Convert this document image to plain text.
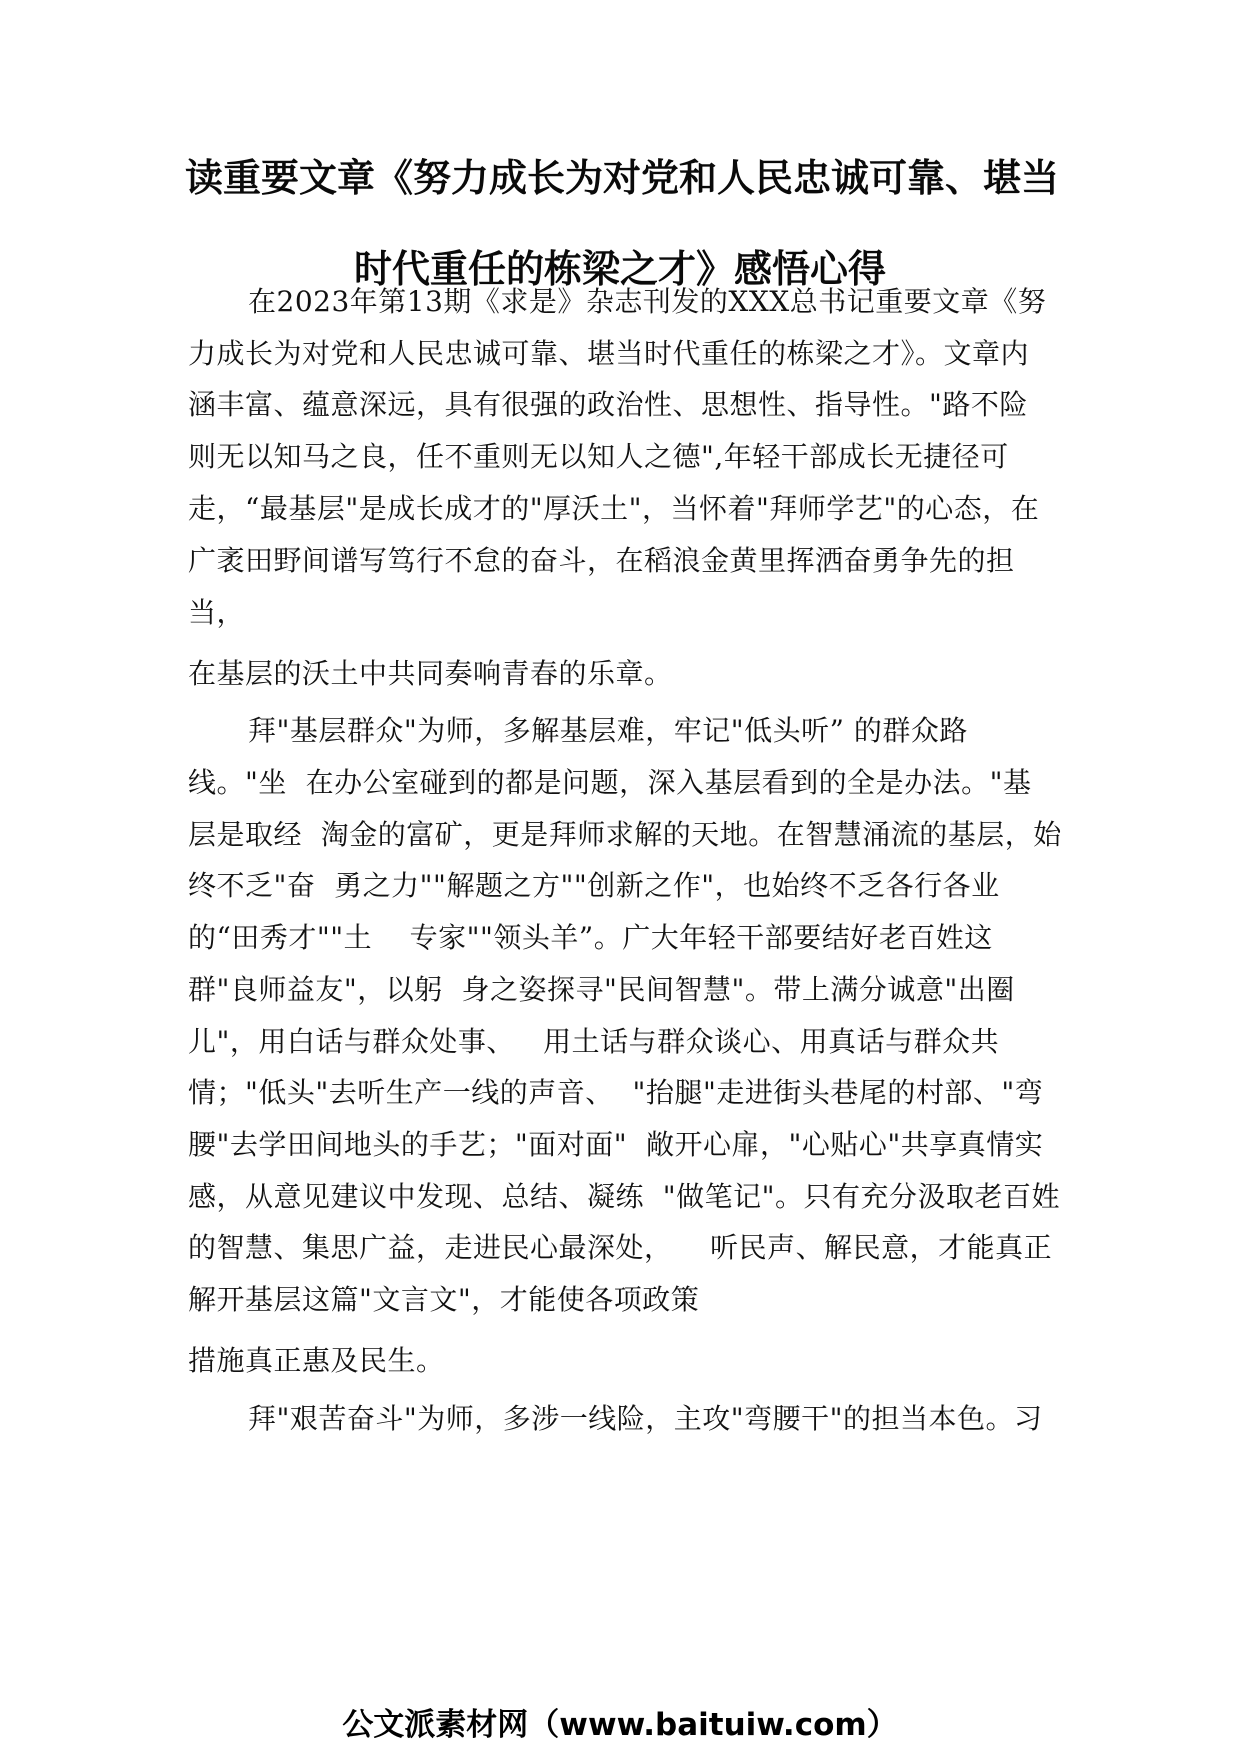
读重要文章《努力成长为对党和人民忠诚可靠、堪当
时代重任的栋梁之才》感悟心得
在2023年第13期《求是》杂志刊发的XXX总书记重要文章《努
力成长为对党和人民忠诚可靠、堪当时代重任的栋梁之才》。文章内
涵丰富、蕴意深远，具有很强的政治性、思想性、指导性。"路不险
则无以知马之良，任不重则无以知人之德",年轻干部成长无捷径可
走，“最基层"是成长成才的"厚沃土"，当怀着"拜师学艺"的心态，在
广袤田野间谱写笃行不怠的奋斗，在稻浪金黄里挥洒奋勇争先的担
当，
在基层的沃土中共同奏响青春的乐章。
拜"基层群众"为师，多解基层难，牢记"低头听” 的群众路
线。"坐  在办公室碰到的都是问题，深入基层看到的全是办法。"基
层是取经  淘金的富矿，更是拜师求解的天地。在智慧涌流的基层，始
终不乏"奋  勇之力""解题之方""创新之作"，也始终不乏各行各业
的“田秀才""土    专家""领头羊”。广大年轻干部要结好老百姓这
群"良师益友"，以躬  身之姿探寻"民间智慧"。带上满分诚意"出圈
儿"，用白话与群众处事、   用土话与群众谈心、用真话与群众共
情；"低头"去听生产一线的声音、  "抬腿"走进街头巷尾的村部、"弯
腰"去学田间地头的手艺；"面对面"  敞开心扉，"心贴心"共享真情实
感，从意见建议中发现、总结、凝练  "做笔记"。只有充分汲取老百姓
的智慧、集思广益，走进民心最深处，    听民声、解民意，才能真正
解开基层这篇"文言文"，才能使各项政策
措施真正惠及民生。
拜"艰苦奋斗"为师，多涉一线险，主攻"弯腰干"的担当本色。习
公文派素材网（www.baituiw.com）
